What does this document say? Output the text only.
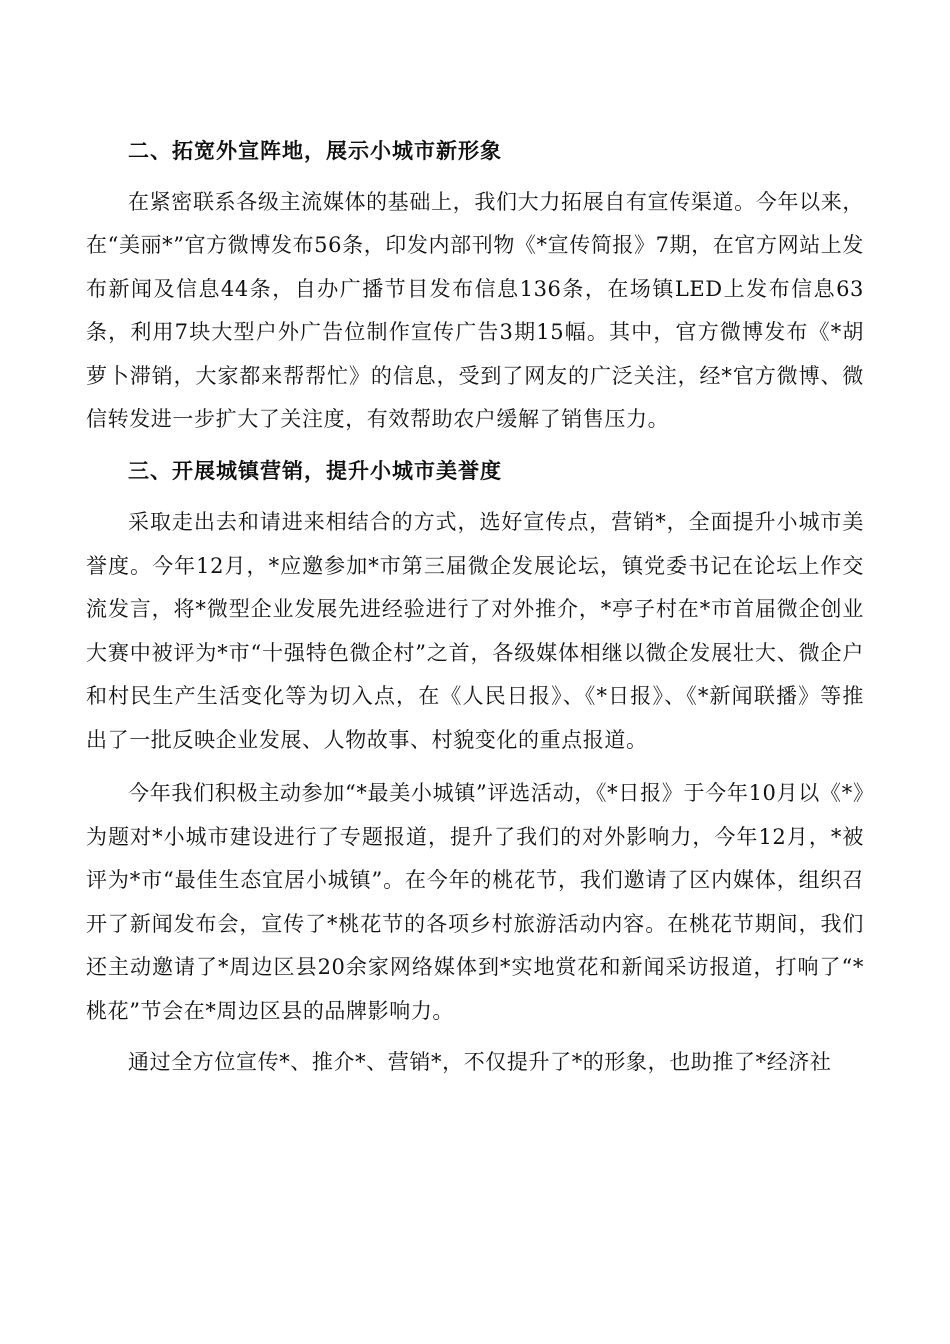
二、拓宽外宣阵地，展示小城市新形象

在紧密联系各级主流媒体的基础上，我们大力拓展自有宣传渠道。今年以来，在“美丽*”官方微博发布56条，印发内部刊物《*宣传简报》7期，在官方网站上发布新闻及信息44条，自办广播节目发布信息136条，在场镇LED上发布信息63条，利用7块大型户外广告位制作宣传广告3期15幅。其中，官方微博发布《*胡萝卜滞销，大家都来帮帮忙》的信息，受到了网友的广泛关注，经*官方微博、微信转发进一步扩大了关注度，有效帮助农户缓解了销售压力。

三、开展城镇营销，提升小城市美誉度

采取走出去和请进来相结合的方式，选好宣传点，营销*，全面提升小城市美誉度。今年12月，*应邀参加*市第三届微企发展论坛，镇党委书记在论坛上作交流发言，将*微型企业发展先进经验进行了对外推介，*亭子村在*市首届微企创业大赛中被评为*市“十强特色微企村”之首，各级媒体相继以微企发展壮大、微企户和村民生产生活变化等为切入点，在《人民日报》、《*日报》、《*新闻联播》等推出了一批反映企业发展、人物故事、村貌变化的重点报道。

今年我们积极主动参加“*最美小城镇”评选活动，《*日报》于今年10月以《*》为题对*小城市建设进行了专题报道，提升了我们的对外影响力，今年12月，*被评为*市“最佳生态宜居小城镇”。在今年的桃花节，我们邀请了区内媒体，组织召开了新闻发布会，宣传了*桃花节的各项乡村旅游活动内容。在桃花节期间，我们还主动邀请了*周边区县20余家网络媒体到*实地赏花和新闻采访报道，打响了“*桃花”节会在*周边区县的品牌影响力。

通过全方位宣传*、推介*、营销*，不仅提升了*的形象，也助推了*经济社
